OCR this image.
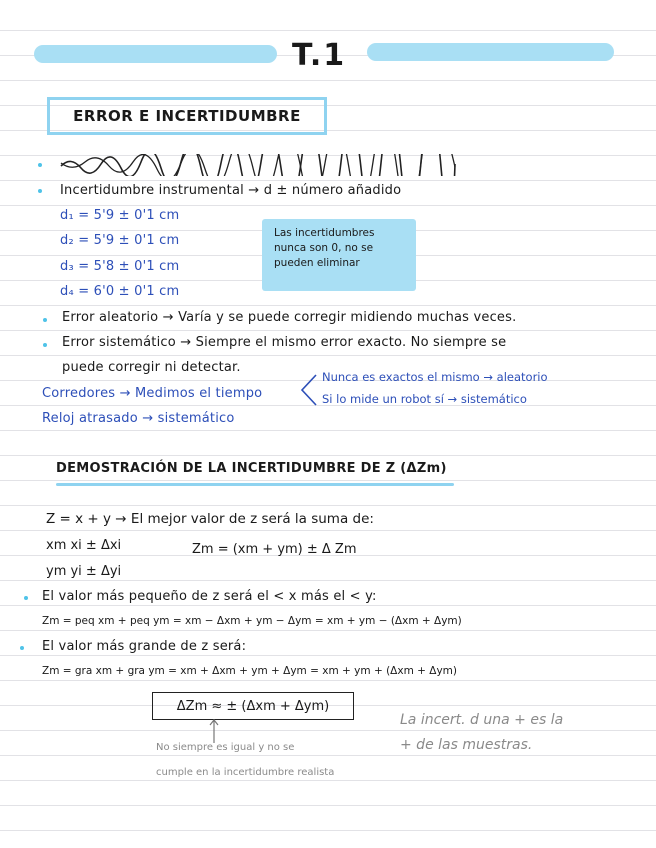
T.1
ERROR E INCERTIDUMBRE
Incertidumbre instrumental → d ± número añadido
d₁ = 5'9 ± 0'1 cm
d₂ = 5'9 ± 0'1 cm
d₃ = 5'8 ± 0'1 cm
d₄ = 6'0 ± 0'1 cm
Las incertidumbres
nunca son 0, no se
pueden eliminar
Error aleatorio → Varía y se puede corregir midiendo muchas veces.
Error sistemático → Siempre el mismo error exacto. No siempre se
puede corregir ni detectar.
Corredores → Medimos el tiempo
Reloj atrasado → sistemático
Nunca es exactos el mismo → aleatorio
Si lo mide un robot sí → sistemático
DEMOSTRACIÓN DE LA INCERTIDUMBRE DE Z (ΔZm)
Z = x + y → El mejor valor de z será la suma de:
xm xi ± Δxi
ym yi ± Δyi
Zm = (xm + ym) ± Δ Zm
El valor más pequeño de z será el < x más el < y:
Zm = peq xm + peq ym = xm − Δxm + ym − Δym = xm + ym − (Δxm + Δym)
El valor más grande de z será:
Zm = gra xm + gra ym = xm + Δxm + ym + Δym = xm + ym + (Δxm + Δym)
ΔZm ≈ ± (Δxm + Δym)
No siempre es igual y no se
cumple en la incertidumbre realista
La incert. d una + es la
+ de las muestras.
